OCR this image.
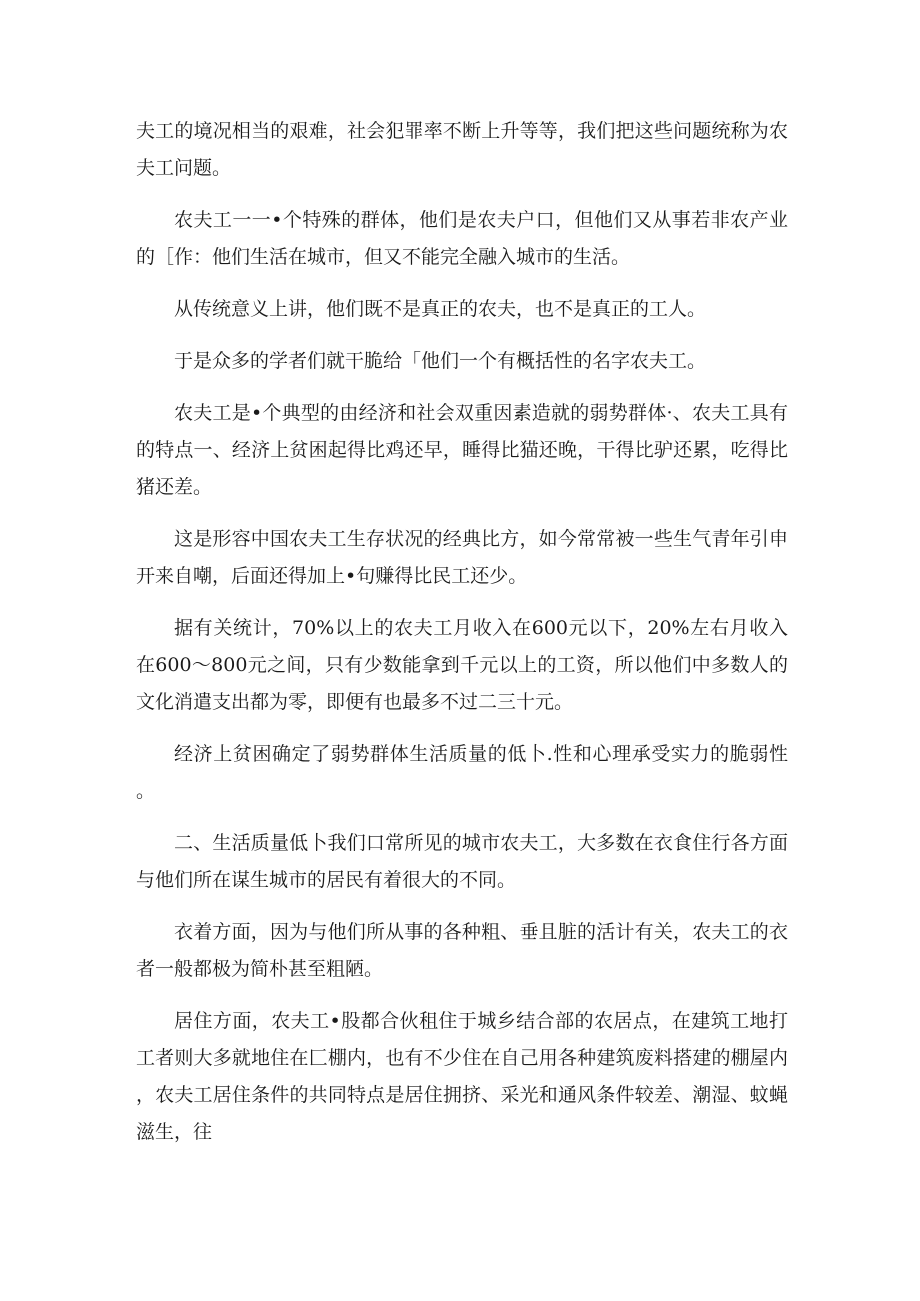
夫工的境况相当的艰难，社会犯罪率不断上升等等，我们把这些问题统称为农夫工问题。

农夫工一一•个特殊的群体，他们是农夫户口，但他们又从事若非农产业的［作：他们生活在城市，但又不能完全融入城市的生活。

从传统意义上讲，他们既不是真正的农夫，也不是真正的工人。

于是众多的学者们就干脆给「他们一个有概括性的名字农夫工。

农夫工是•个典型的由经济和社会双重因素造就的弱势群体·、农夫工具有的特点一、经济上贫困起得比鸡还早，睡得比猫还晚，干得比驴还累，吃得比猪还差。

这是形容中国农夫工生存状况的经典比方，如今常常被一些生气青年引申开来自嘲，后面还得加上•句赚得比民工还少。

据有关统计，70%以上的农夫工月收入在600元以下，20%左右月收入在600～800元之间，只有少数能拿到千元以上的工资，所以他们中多数人的文化消遣支出都为零，即便有也最多不过二三十元。

经济上贫困确定了弱势群体生活质量的低卜.性和心理承受实力的脆弱性。

二、生活质量低卜我们口常所见的城市农夫工，大多数在衣食住行各方面与他们所在谋生城市的居民有着很大的不同。

衣着方面，因为与他们所从事的各种粗、垂且脏的活计有关，农夫工的衣者一般都极为简朴甚至粗陋。

居住方面，农夫工•股都合伙租住于城乡结合部的农居点，在建筑工地打工者则大多就地住在匚棚内，也有不少住在自己用各种建筑废料搭建的棚屋内，农夫工居住条件的共同特点是居住拥挤、采光和通风条件较差、潮湿、蚊蝇滋生，往
